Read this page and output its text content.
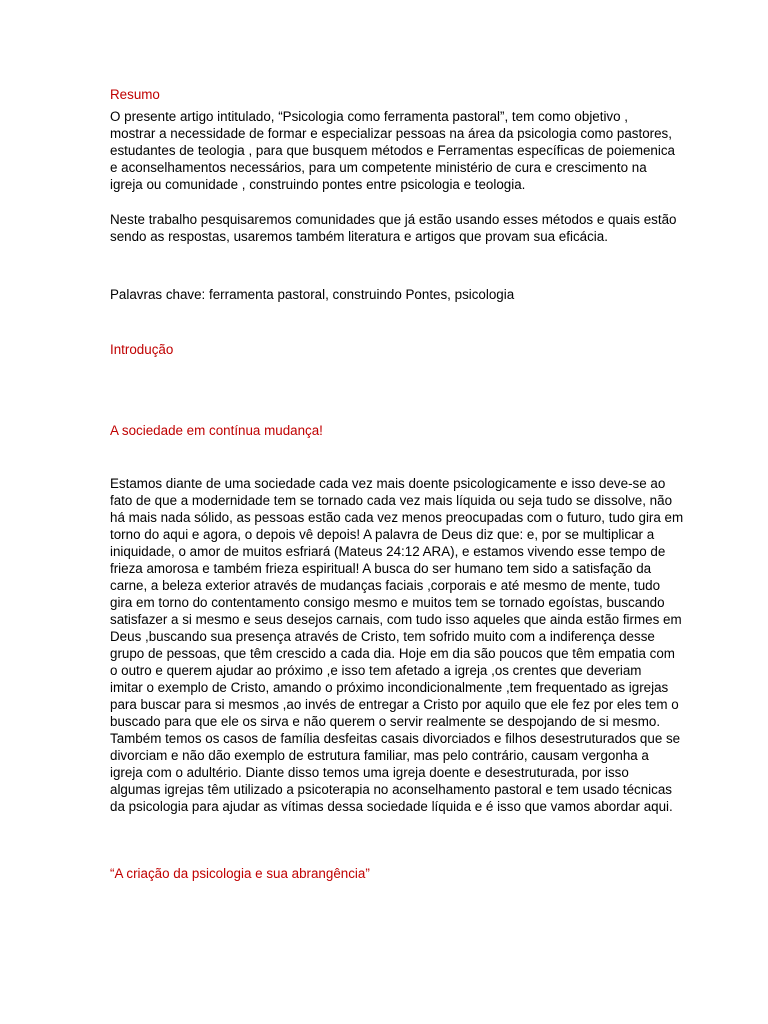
Resumo
O presente artigo intitulado, “Psicologia como ferramenta pastoral”, tem como objetivo ,
mostrar a necessidade de formar e especializar pessoas na área da psicologia como pastores,
estudantes de teologia , para que busquem métodos e Ferramentas específicas de poiemenica
e aconselhamentos necessários, para um competente ministério de cura e crescimento na
igreja ou comunidade , construindo pontes entre psicologia e teologia.
Neste trabalho pesquisaremos comunidades que já estão usando esses métodos e quais estão
sendo as respostas, usaremos também literatura e artigos que provam sua eficácia.
Palavras chave: ferramenta pastoral, construindo Pontes, psicologia
Introdução
A sociedade em contínua mudança!
Estamos diante de uma sociedade cada vez mais doente psicologicamente e isso deve-se ao
fato de que a modernidade tem se tornado cada vez mais líquida ou seja tudo se dissolve, não
há mais nada sólido, as pessoas estão cada vez menos preocupadas com o futuro, tudo gira em
torno do aqui e agora, o depois vê depois! A palavra de Deus diz que: e, por se multiplicar a
iniquidade, o amor de muitos esfriará (Mateus 24:12 ARA), e estamos vivendo esse tempo de
frieza amorosa e também frieza espiritual! A busca do ser humano tem sido a satisfação da
carne, a beleza exterior através de mudanças faciais ,corporais e até mesmo de mente, tudo
gira em torno do contentamento consigo mesmo e muitos tem se tornado egoístas, buscando
satisfazer a si mesmo e seus desejos carnais, com tudo isso aqueles que ainda estão firmes em
Deus ,buscando sua presença através de Cristo, tem sofrido muito com a indiferença desse
grupo de pessoas, que têm crescido a cada dia. Hoje em dia são poucos que têm empatia com
o outro e querem ajudar ao próximo ,e isso tem afetado a igreja ,os crentes que deveriam
imitar o exemplo de Cristo, amando o próximo incondicionalmente ,tem frequentado as igrejas
para buscar para si mesmos ,ao invés de entregar a Cristo por aquilo que ele fez por eles tem o
buscado para que ele os sirva e não querem o servir realmente se despojando de si mesmo.
Também temos os casos de família desfeitas casais divorciados e filhos desestruturados que se
divorciam e não dão exemplo de estrutura familiar, mas pelo contrário, causam vergonha a
igreja com o adultério. Diante disso temos uma igreja doente e desestruturada, por isso
algumas igrejas têm utilizado a psicoterapia no aconselhamento pastoral e tem usado técnicas
da psicologia para ajudar as vítimas dessa sociedade líquida e é isso que vamos abordar aqui.
“A criação da psicologia e sua abrangência”
